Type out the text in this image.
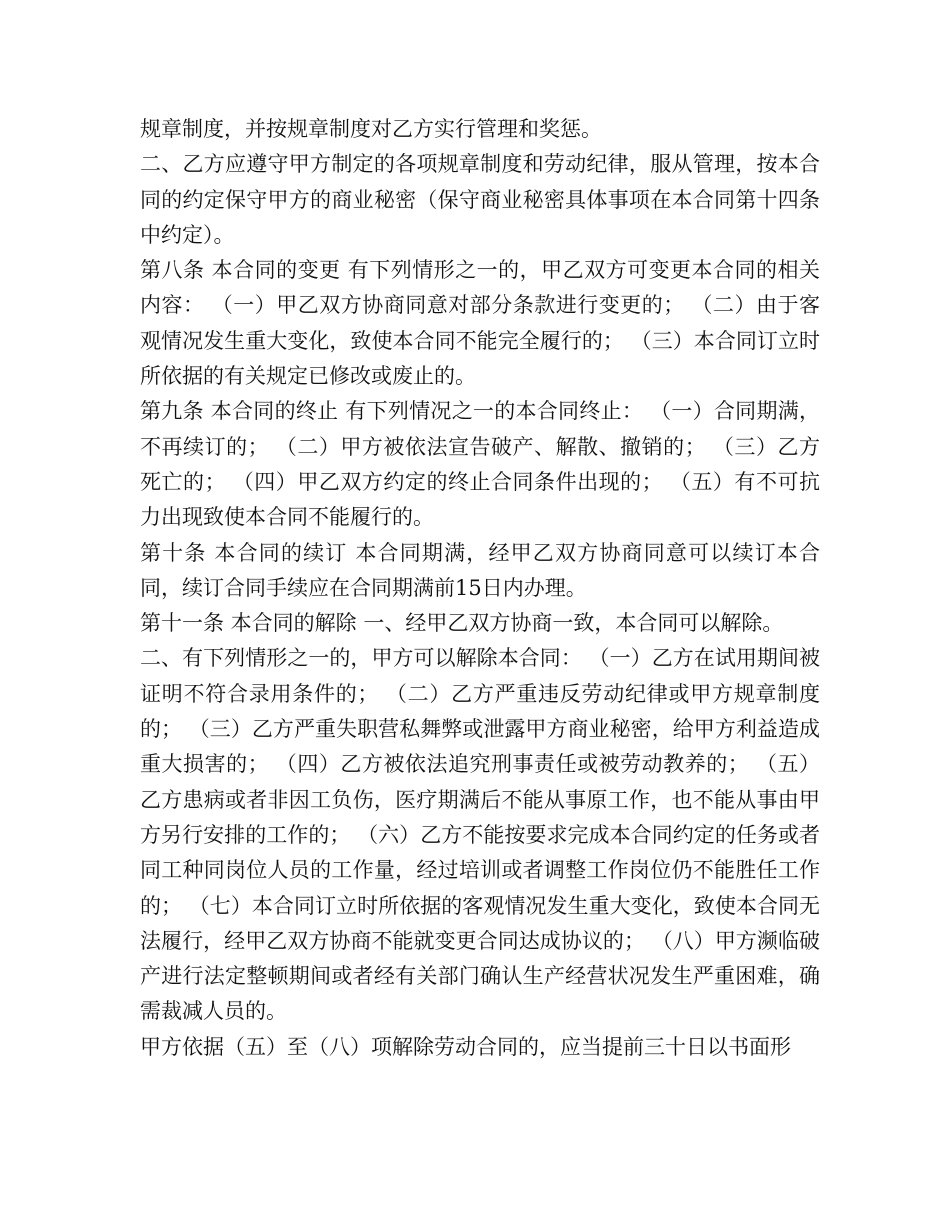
规章制度，并按规章制度对乙方实行管理和奖惩。

二、乙方应遵守甲方制定的各项规章制度和劳动纪律，服从管理，按本合同的约定保守甲方的商业秘密（保守商业秘密具体事项在本合同第十四条中约定）。

第八条 本合同的变更 有下列情形之一的，甲乙双方可变更本合同的相关内容： （一）甲乙双方协商同意对部分条款进行变更的； （二）由于客观情况发生重大变化，致使本合同不能完全履行的； （三）本合同订立时所依据的有关规定已修改或废止的。

第九条 本合同的终止 有下列情况之一的本合同终止： （一）合同期满，不再续订的； （二）甲方被依法宣告破产、解散、撤销的； （三）乙方死亡的； （四）甲乙双方约定的终止合同条件出现的； （五）有不可抗力出现致使本合同不能履行的。

第十条 本合同的续订 本合同期满，经甲乙双方协商同意可以续订本合同，续订合同手续应在合同期满前15日内办理。

第十一条 本合同的解除 一、经甲乙双方协商一致，本合同可以解除。

二、有下列情形之一的，甲方可以解除本合同： （一）乙方在试用期间被证明不符合录用条件的； （二）乙方严重违反劳动纪律或甲方规章制度的； （三）乙方严重失职营私舞弊或泄露甲方商业秘密，给甲方利益造成重大损害的； （四）乙方被依法追究刑事责任或被劳动教养的； （五）乙方患病或者非因工负伤，医疗期满后不能从事原工作，也不能从事由甲方另行安排的工作的； （六）乙方不能按要求完成本合同约定的任务或者同工种同岗位人员的工作量，经过培训或者调整工作岗位仍不能胜任工作的； （七）本合同订立时所依据的客观情况发生重大变化，致使本合同无法履行，经甲乙双方协商不能就变更合同达成协议的； （八）甲方濒临破产进行法定整顿期间或者经有关部门确认生产经营状况发生严重困难，确需裁减人员的。

甲方依据（五）至（八）项解除劳动合同的，应当提前三十日以书面形
